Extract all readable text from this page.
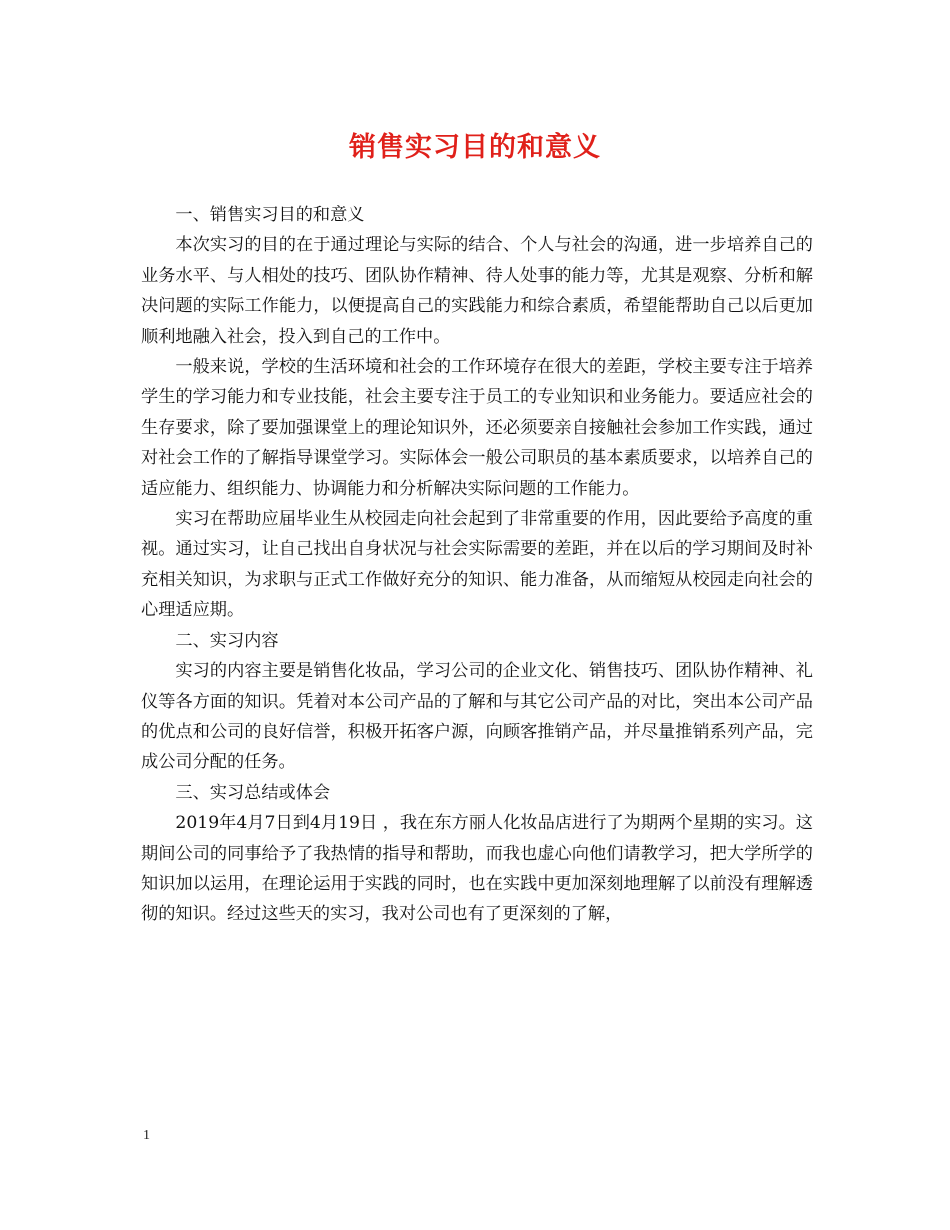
销售实习目的和意义

一、销售实习目的和意义

本次实习的目的在于通过理论与实际的结合、个人与社会的沟通，进一步培养自己的业务水平、与人相处的技巧、团队协作精神、待人处事的能力等，尤其是观察、分析和解决问题的实际工作能力，以便提高自己的实践能力和综合素质，希望能帮助自己以后更加顺利地融入社会，投入到自己的工作中。

一般来说，学校的生活环境和社会的工作环境存在很大的差距，学校主要专注于培养学生的学习能力和专业技能，社会主要专注于员工的专业知识和业务能力。要适应社会的生存要求，除了要加强课堂上的理论知识外，还必须要亲自接触社会参加工作实践，通过对社会工作的了解指导课堂学习。实际体会一般公司职员的基本素质要求，以培养自己的适应能力、组织能力、协调能力和分析解决实际问题的工作能力。

实习在帮助应届毕业生从校园走向社会起到了非常重要的作用，因此要给予高度的重视。通过实习，让自己找出自身状况与社会实际需要的差距，并在以后的学习期间及时补充相关知识，为求职与正式工作做好充分的知识、能力准备，从而缩短从校园走向社会的心理适应期。

二、实习内容

实习的内容主要是销售化妆品，学习公司的企业文化、销售技巧、团队协作精神、礼仪等各方面的知识。凭着对本公司产品的了解和与其它公司产品的对比，突出本公司产品的优点和公司的良好信誉，积极开拓客户源，向顾客推销产品，并尽量推销系列产品，完成公司分配的任务。

三、实习总结或体会

2019年4月7日到4月19日 ，我在东方丽人化妆品店进行了为期两个星期的实习。这期间公司的同事给予了我热情的指导和帮助，而我也虚心向他们请教学习，把大学所学的知识加以运用，在理论运用于实践的同时，也在实践中更加深刻地理解了以前没有理解透彻的知识。经过这些天的实习，我对公司也有了更深刻的了解，

1
